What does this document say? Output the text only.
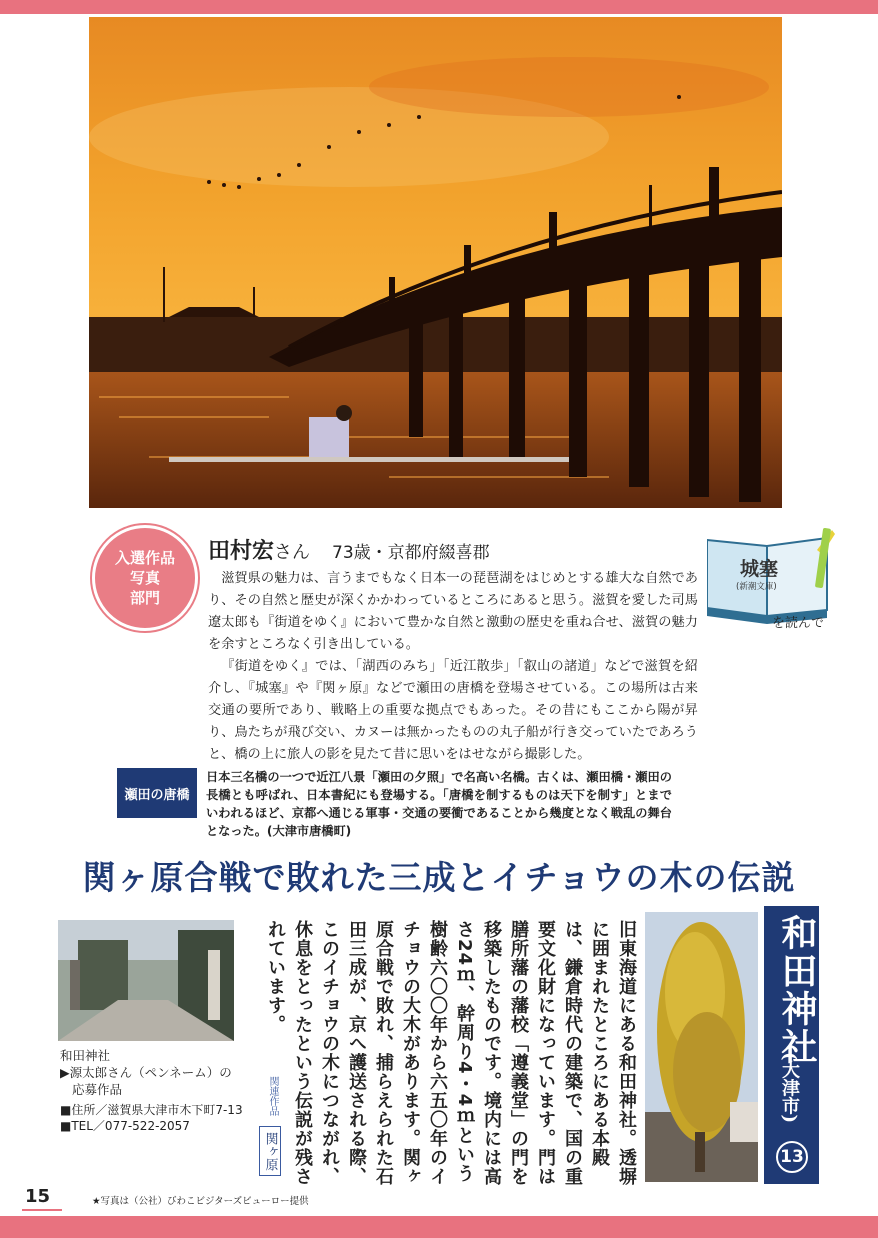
入選作品
写真
部門
田村宏さん 73歳・京都府綴喜郡

滋賀県の魅力は、言うまでもなく日本一の琵琶湖をはじめとする雄大な自然であり、その自然と歴史が深くかかわっているところにあると思う。滋賀を愛した司馬遼太郎も『街道をゆく』において豊かな自然と激動の歴史を重ね合せ、滋賀の魅力を余すところなく引き出している。

『街道をゆく』では、「湖西のみち」「近江散歩」「叡山の諸道」などで滋賀を紹介し、『城塞』や『関ヶ原』などで瀬田の唐橋を登場させている。この場所は古来交通の要所であり、戦略上の重要な拠点でもあった。その昔にもここから陽が昇り、鳥たちが飛び交い、カヌーは無かったものの丸子船が行き交っていたであろうと、橋の上に旅人の影を見たて昔に思いをはせながら撮影した。

城塞
(新潮文庫)
を読んで
瀬田の唐橋
日本三名橋の一つで近江八景「瀬田の夕照」で名高い名橋。古くは、瀬田橋・瀬田の長橋とも呼ばれ、日本書紀にも登場する。「唐橋を制するものは天下を制す」とまでいわれるほど、京都へ通じる軍事・交通の要衝であることから幾度となく戦乱の舞台となった。(大津市唐橋町)
関ヶ原合戦で敗れた三成とイチョウの木の伝説
和田神社
▶源太郎さん（ペンネーム）の
応募作品
■住所／滋賀県大津市木下町7-13
■TEL／077-522-2057
関連作品
関ヶ原	旧東海道にある和田神社。透塀に囲まれたところにある本殿は、鎌倉時代の建築で、国の重要文化財になっています。門は膳所藩の藩校「遵義堂」の門を移築したものです。境内には高さ24ｍ、幹周り4・4ｍという樹齢六〇〇年から六五〇年のイチョウの大木があります。関ヶ原合戦で敗れ、捕らえられた石田三成が、京へ護送される際、このイチョウの木につながれ、休息をとったという伝説が残されています。	和田神社
(大津市)
13
15	★写真は（公社）びわこビジターズビューロー提供
